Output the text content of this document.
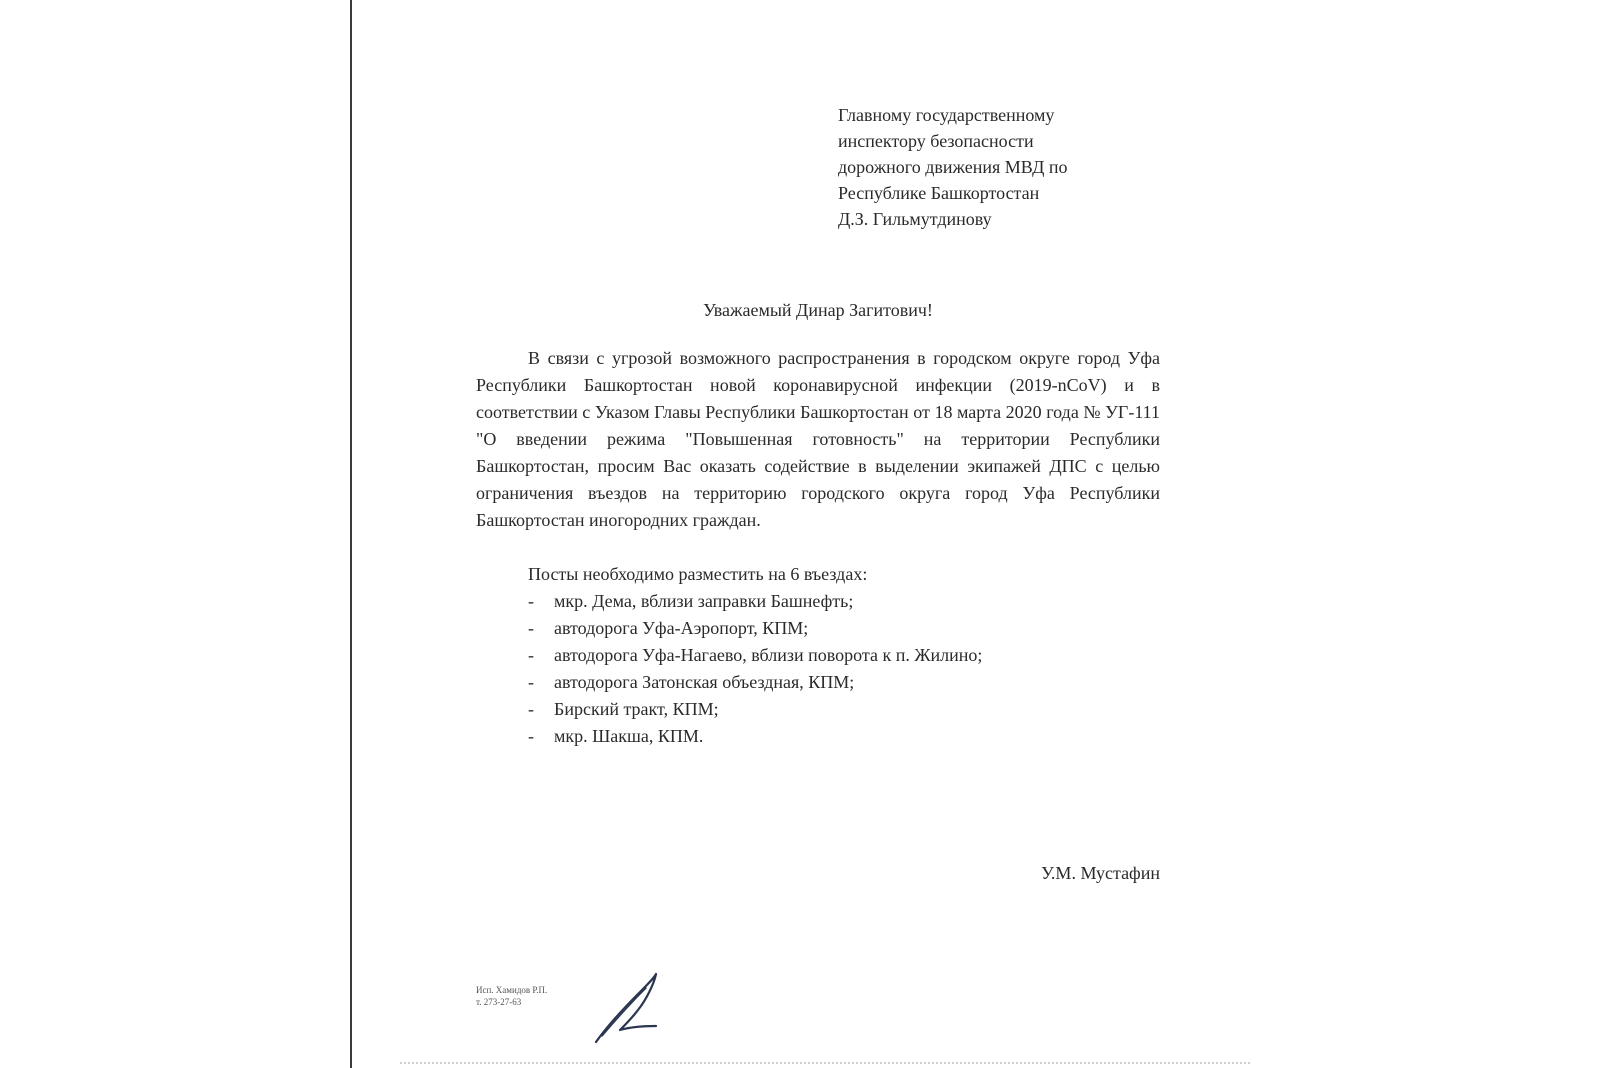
Главному государственному
инспектору безопасности
дорожного движения МВД по
Республике Башкортостан
Д.З. Гильмутдинову
Уважаемый Динар Загитович!

В связи с угрозой возможного распространения в городском округе город Уфа Республики Башкортостан новой коронавирусной инфекции (2019-nCoV) и в соответствии с Указом Главы Республики Башкортостан от 18 марта 2020 года № УГ-111 "О введении режима "Повышенная готовность" на территории Республики Башкортостан, просим Вас оказать содействие в выделении экипажей ДПС с целью ограничения въездов на территорию городского округа город Уфа Республики Башкортостан иногородних граждан.

Посты необходимо разместить на 6 въездах:
- мкр. Дема, вблизи заправки Башнефть;
- автодорога Уфа-Аэропорт, КПМ;
- автодорога Уфа-Нагаево, вблизи поворота к п. Жилино;
- автодорога Затонская объездная, КПМ;
- Бирский тракт, КПМ;
- мкр. Шакша, КПМ.
У.М. Мустафин
Исп. Хамидов Р.П.
т. 273-27-63
